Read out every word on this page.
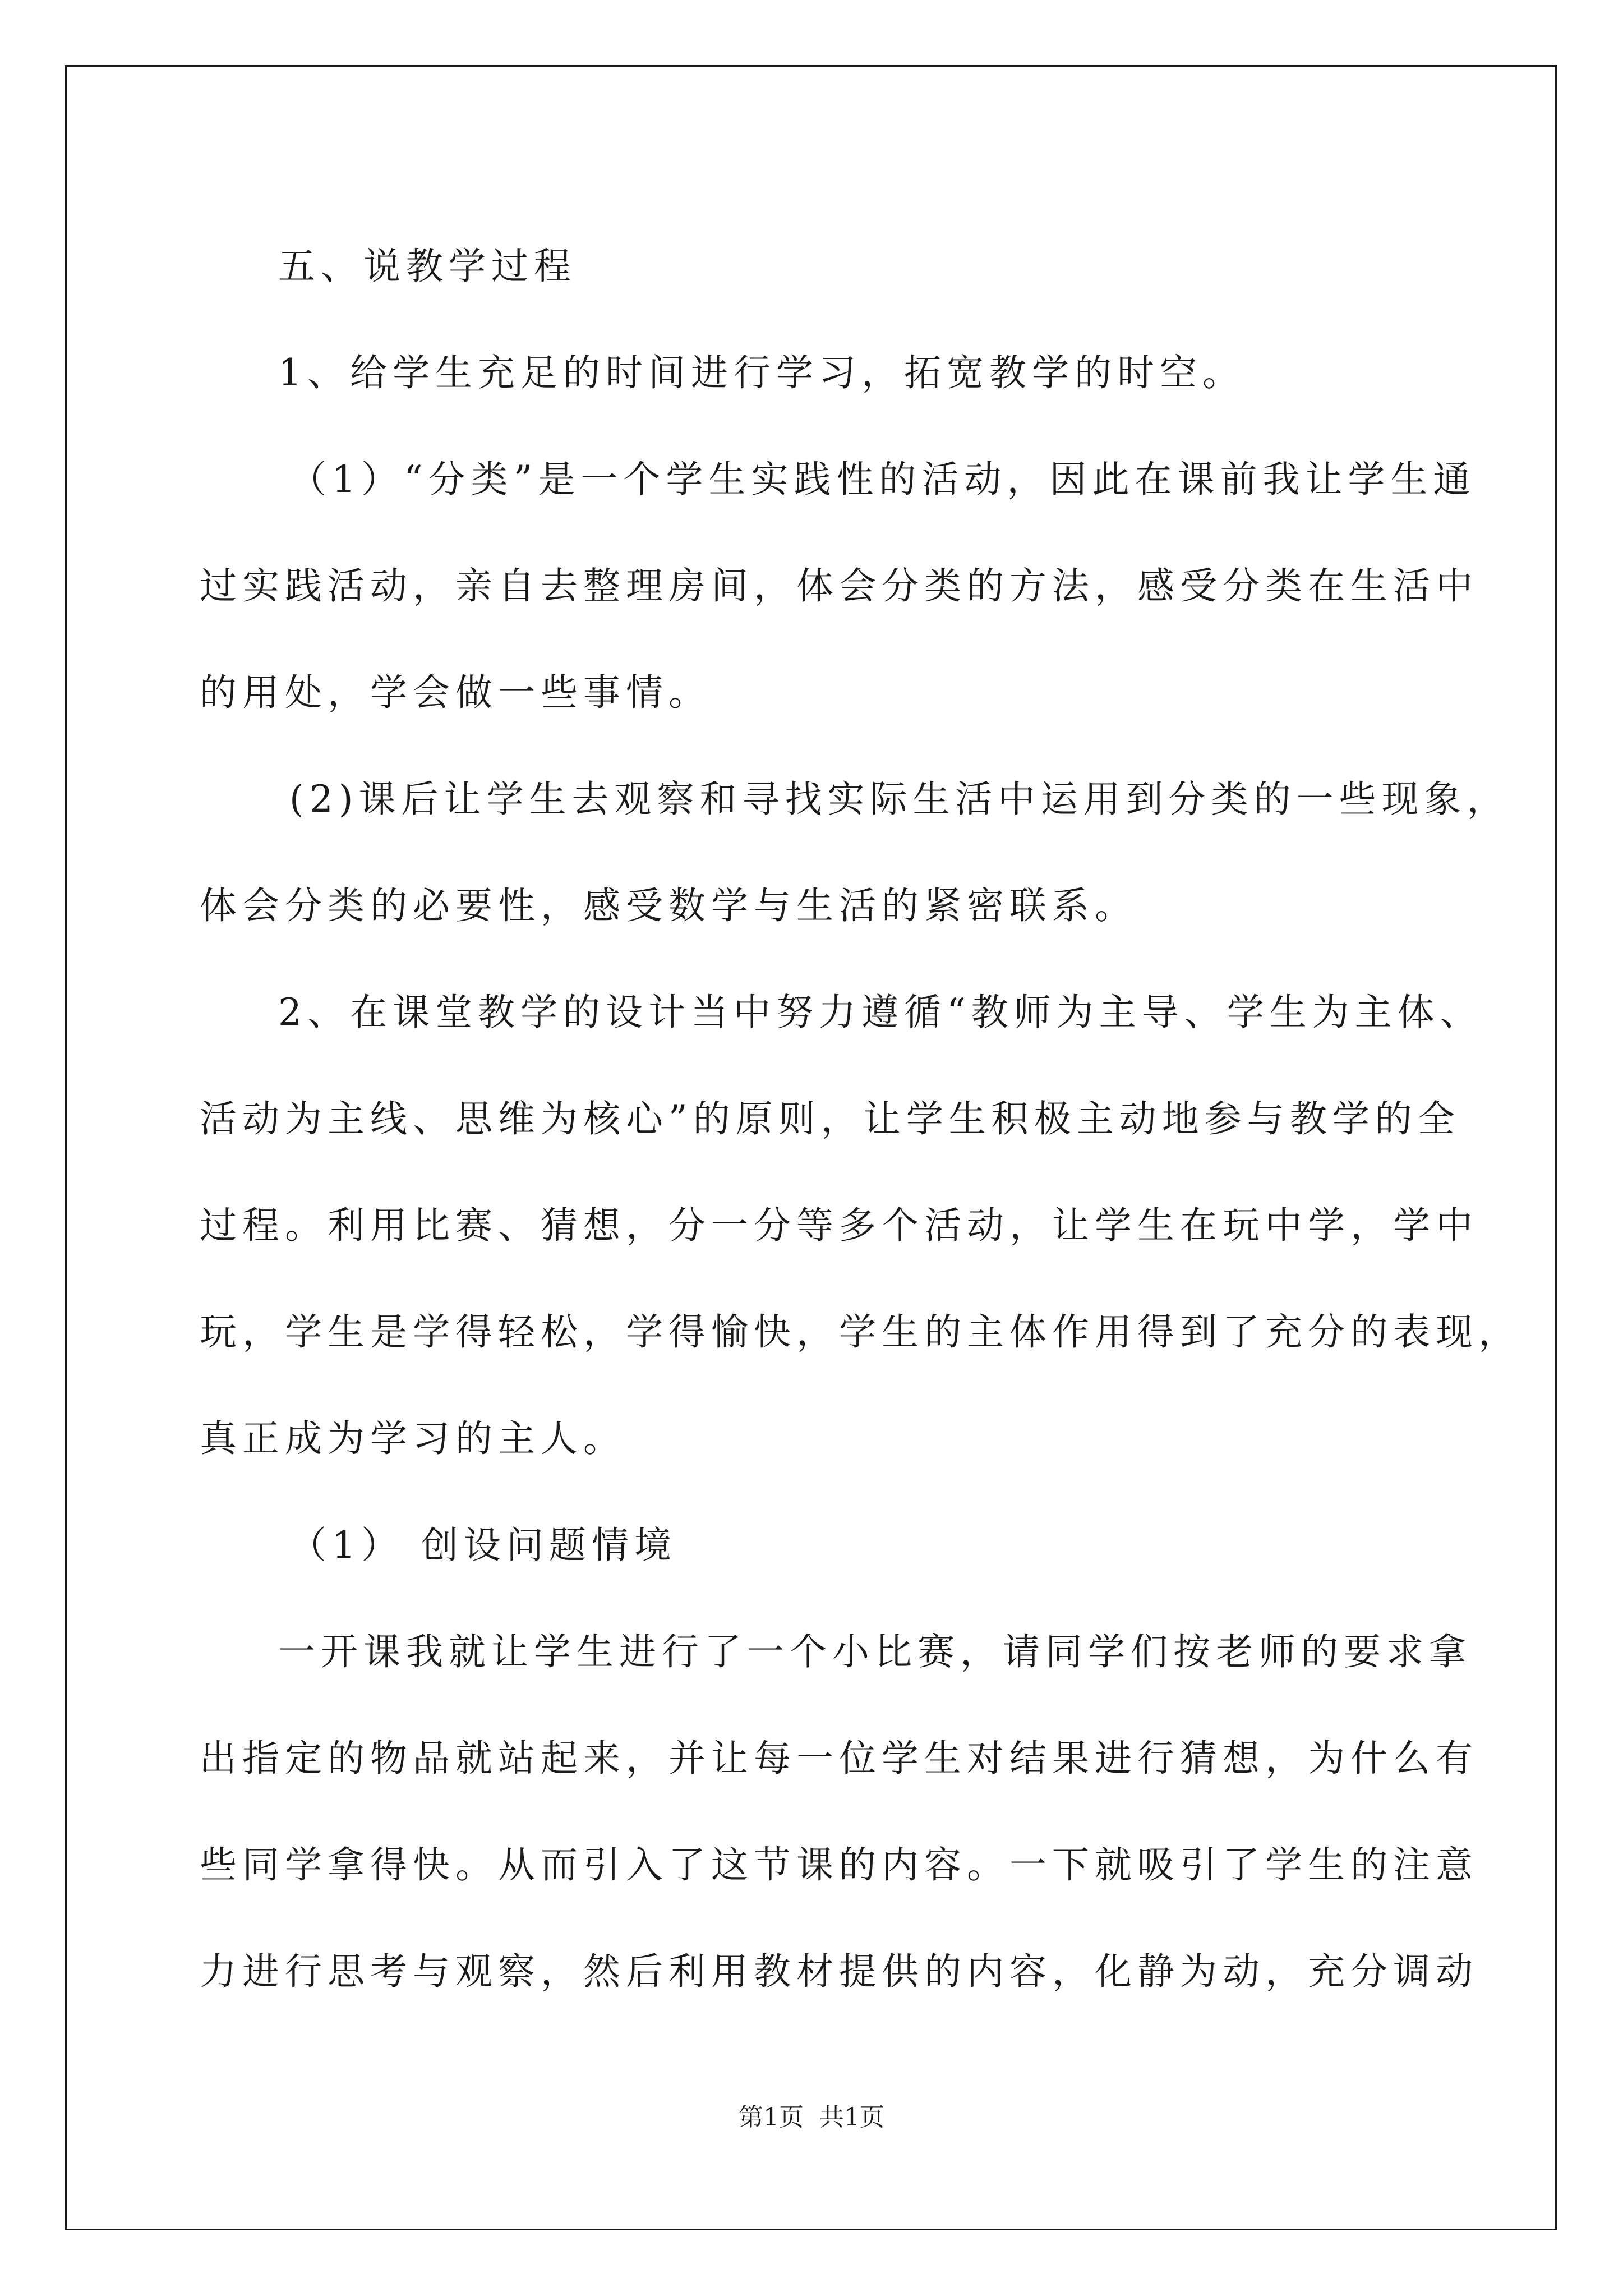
五、说教学过程
1、给学生充足的时间进行学习，拓宽教学的时空。
（1）“分类”是一个学生实践性的活动，因此在课前我让学生通
过实践活动，亲自去整理房间，体会分类的方法，感受分类在生活中
的用处，学会做一些事情。
(2)课后让学生去观察和寻找实际生活中运用到分类的一些现象，
体会分类的必要性，感受数学与生活的紧密联系。
2、在课堂教学的设计当中努力遵循“教师为主导、学生为主体、
活动为主线、思维为核心”的原则，让学生积极主动地参与教学的全
过程。利用比赛、猜想，分一分等多个活动，让学生在玩中学，学中
玩，学生是学得轻松，学得愉快，学生的主体作用得到了充分的表现，
真正成为学习的主人。
（1） 创设问题情境
一开课我就让学生进行了一个小比赛，请同学们按老师的要求拿
出指定的物品就站起来，并让每一位学生对结果进行猜想，为什么有
些同学拿得快。从而引入了这节课的内容。一下就吸引了学生的注意
力进行思考与观察，然后利用教材提供的内容，化静为动，充分调动
第1页 共1页
